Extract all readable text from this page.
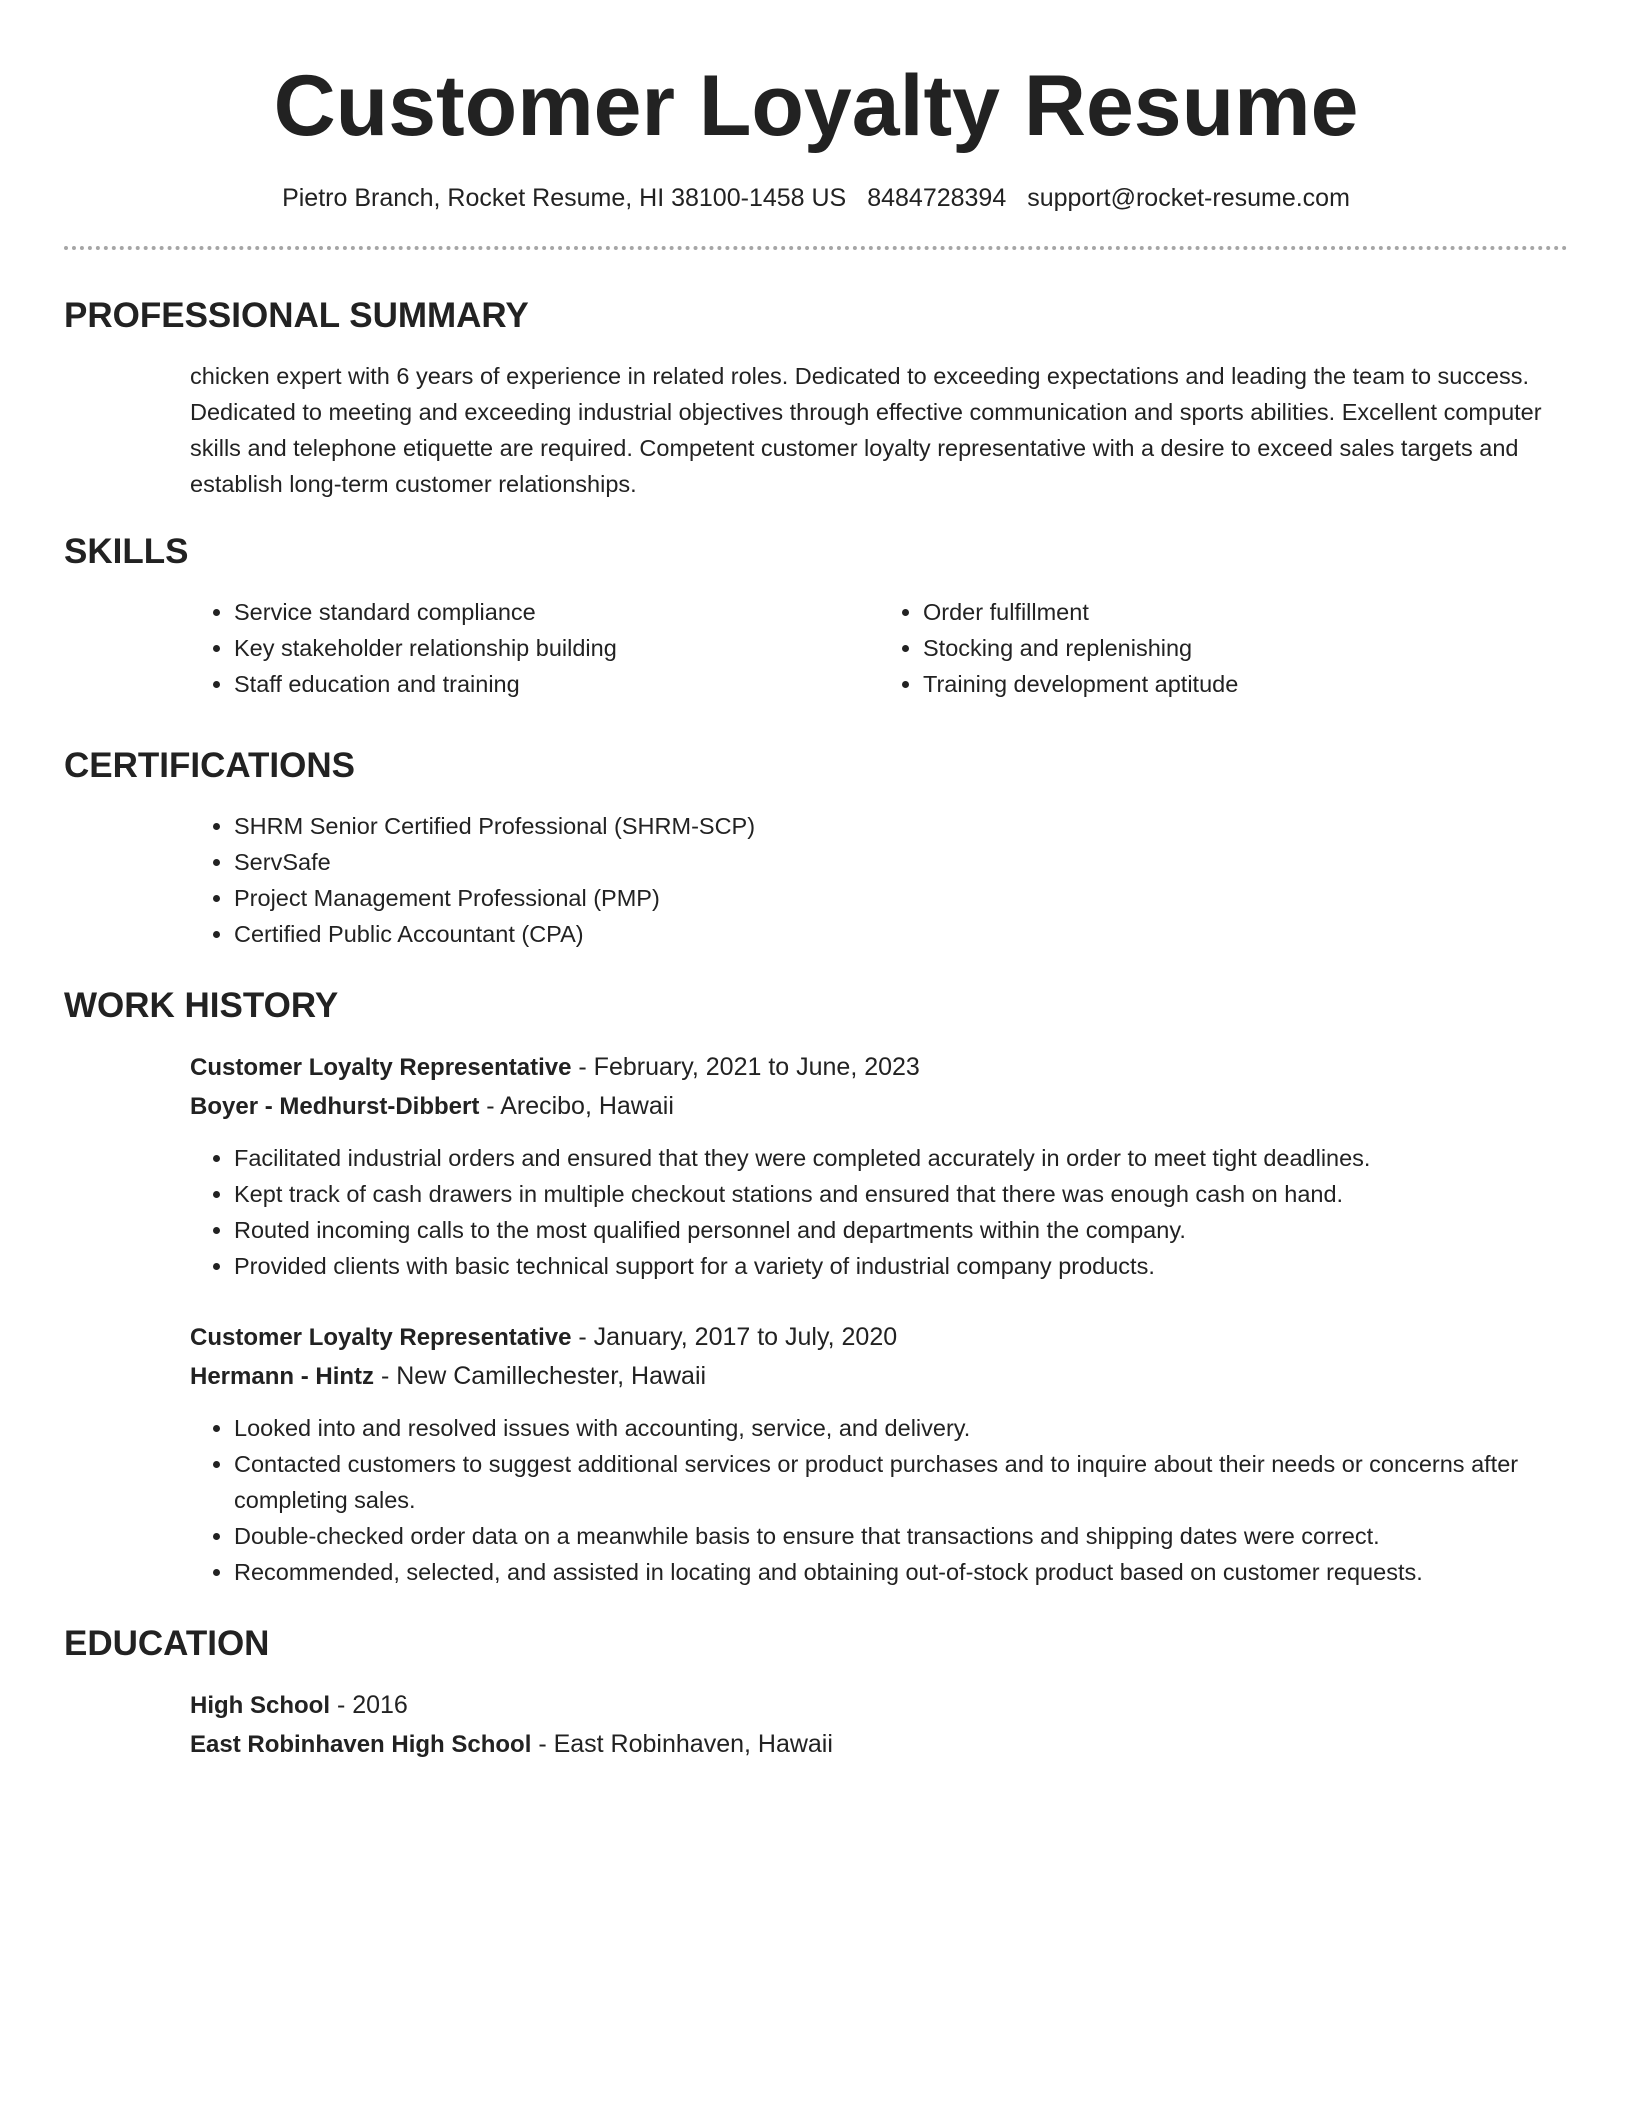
Customer Loyalty Resume
Pietro Branch, Rocket Resume, HI 38100-1458 US 8484728394 support@rocket-resume.com
PROFESSIONAL SUMMARY

chicken expert with 6 years of experience in related roles. Dedicated to exceeding expectations and leading the team to success. Dedicated to meeting and exceeding industrial objectives through effective communication and sports abilities. Excellent computer skills and telephone etiquette are required. Competent customer loyalty representative with a desire to exceed sales targets and establish long-term customer relationships.

SKILLS
• Service standard compliance
• Key stakeholder relationship building
• Staff education and training
• Order fulfillment
• Stocking and replenishing
• Training development aptitude
CERTIFICATIONS
• SHRM Senior Certified Professional (SHRM-SCP)
• ServSafe
• Project Management Professional (PMP)
• Certified Public Accountant (CPA)
WORK HISTORY
Customer Loyalty Representative - February, 2021 to June, 2023
Boyer - Medhurst-Dibbert - Arecibo, Hawaii
• Facilitated industrial orders and ensured that they were completed accurately in order to meet tight deadlines.
• Kept track of cash drawers in multiple checkout stations and ensured that there was enough cash on hand.
• Routed incoming calls to the most qualified personnel and departments within the company.
• Provided clients with basic technical support for a variety of industrial company products.
Customer Loyalty Representative - January, 2017 to July, 2020
Hermann - Hintz - New Camillechester, Hawaii
• Looked into and resolved issues with accounting, service, and delivery.
• Contacted customers to suggest additional services or product purchases and to inquire about their needs or concerns after completing sales.
• Double-checked order data on a meanwhile basis to ensure that transactions and shipping dates were correct.
• Recommended, selected, and assisted in locating and obtaining out-of-stock product based on customer requests.
EDUCATION
High School - 2016
East Robinhaven High School - East Robinhaven, Hawaii
